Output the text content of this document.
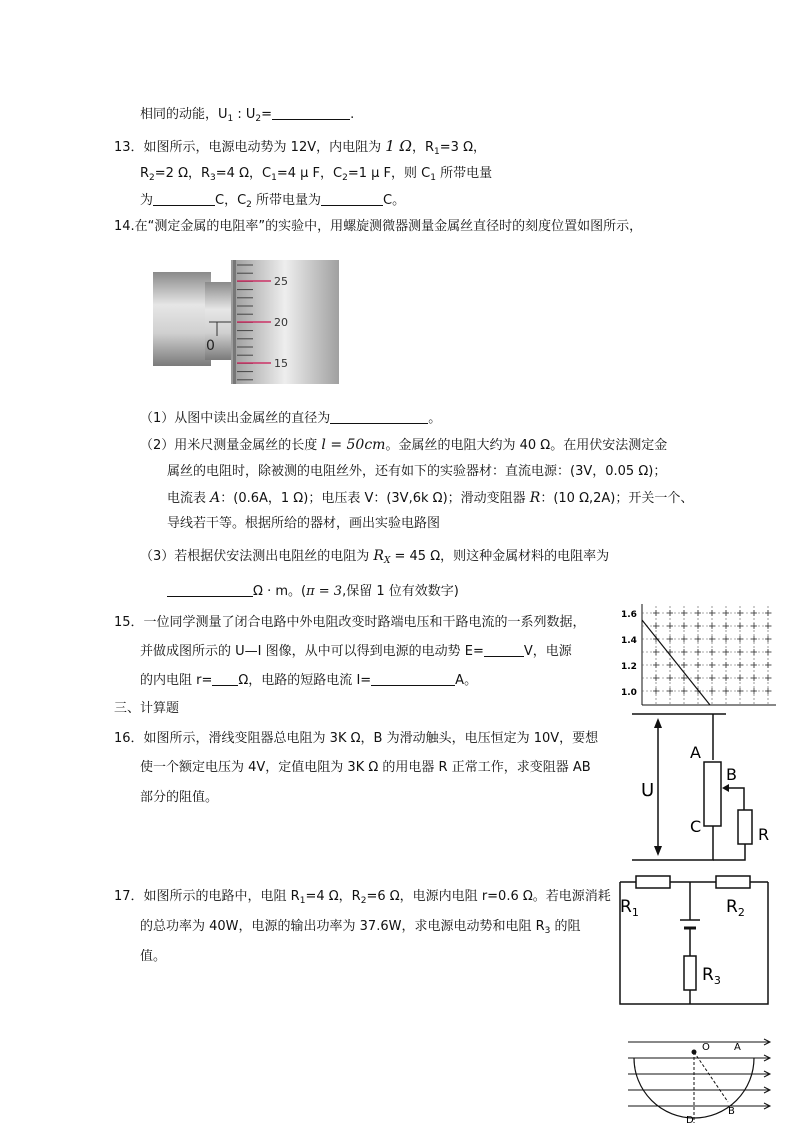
相同的动能，$U_1$ : $U_2=$	.
13．如图所示，电源电动势为 12V，内电阻为 1 Ω，$R_1=3$ Ω，
$R_2=2$ Ω，$R_3=4$ Ω，$C_1=4$ μ F，$C_2=1$ μ F，则 $C_1$ 所带电量
为	C，$C_2$ 所带电量为	C。
14.在“测定金属的电阻率”的实验中，用螺旋测微器测量金属丝直径时的刻度位置如图所示，
0
25
20
15
（1）从图中读出金属丝的直径为	。
（2）用米尺测量金属丝的长度 l = 50cm。金属丝的电阻大约为 40 Ω。在用伏安法测定金
属丝的电阻时，除被测的电阻丝外，还有如下的实验器材：直流电源：(3V，0.05 Ω)；
电流表 A：(0.6A，1 Ω)；电压表 V：(3V,6k Ω)；滑动变阻器 R：(10 Ω,2A)；开关一个、
导线若干等。根据所给的器材，画出实验电路图
（3）若根据伏安法测出电阻丝的电阻为 $R_X = 45$ Ω，则这种金属材料的电阻率为
Ω · m。(π = 3,保留 1 位有效数字)
15．一位同学测量了闭合电路中外电阻改变时路端电压和干路电流的一系列数据，
并做成图所示的 U—I 图像，从中可以得到电源的电动势 E=	V，电源
的内电阻 r= Ω，电路的短路电流 I=	A。
1.6
1.4
1.2
1.0
三、计算题
16．如图所示，滑线变阻器总电阻为 3K Ω，B 为滑动触头，电压恒定为 10V，要想
使一个额定电压为 4V，定值电阻为 3K Ω 的用电器 R 正常工作，求变阻器 AB
部分的阻值。	U
A
B
C	R
17．如图所示的电路中，电阻 $R_1=4$ Ω，$R_2=6$ Ω，电源内电阻 r=0.6 Ω。若电源消耗
的总功率为 40W，电源的输出功率为 37.6W，求电源电动势和电阻 $R_3$ 的阻
值。
$R_1$	$R_2$
$R_3$
O A
B
D
